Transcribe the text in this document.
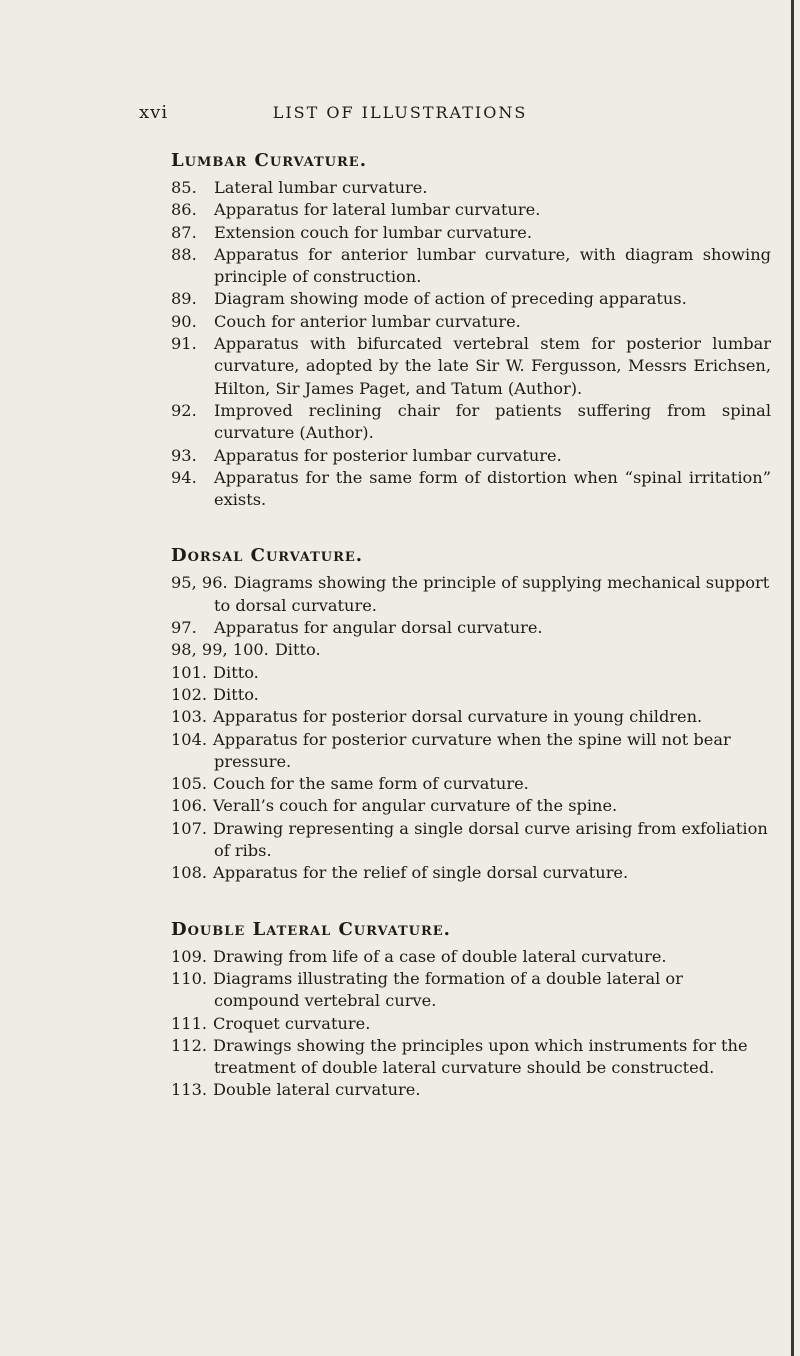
xvi	LIST OF ILLUSTRATIONS
Lumbar Curvature.
85. Lateral lumbar curvature.
86. Apparatus for lateral lumbar curvature.
87. Extension couch for lumbar curvature.
88. Apparatus for anterior lumbar curvature, with diagram showing principle of construction.
89. Diagram showing mode of action of preceding apparatus.
90. Couch for anterior lumbar curvature.
91. Apparatus with bifurcated vertebral stem for posterior lumbar curvature, adopted by the late Sir W. Fergusson, Messrs Erichsen, Hilton, Sir James Paget, and Tatum (Author).
92. Improved reclining chair for patients suffering from spinal curvature (Author).
93. Apparatus for posterior lumbar curvature.
94. Apparatus for the same form of distortion when “spinal irritation” exists.
Dorsal Curvature.
95, 96. Diagrams showing the principle of supplying mechanical support to dorsal curvature.
97. Apparatus for angular dorsal curvature.
98, 99, 100. Ditto.
101. Ditto.
102. Ditto.
103. Apparatus for posterior dorsal curvature in young children.
104. Apparatus for posterior curvature when the spine will not bear pressure.
105. Couch for the same form of curvature.
106. Verall’s couch for angular curvature of the spine.
107. Drawing representing a single dorsal curve arising from exfoliation of ribs.
108. Apparatus for the relief of single dorsal curvature.
Double Lateral Curvature.
109. Drawing from life of a case of double lateral curvature.
110. Diagrams illustrating the formation of a double lateral or compound vertebral curve.
111. Croquet curvature.
112. Drawings showing the principles upon which instruments for the treatment of double lateral curvature should be constructed.
113. Double lateral curvature.
